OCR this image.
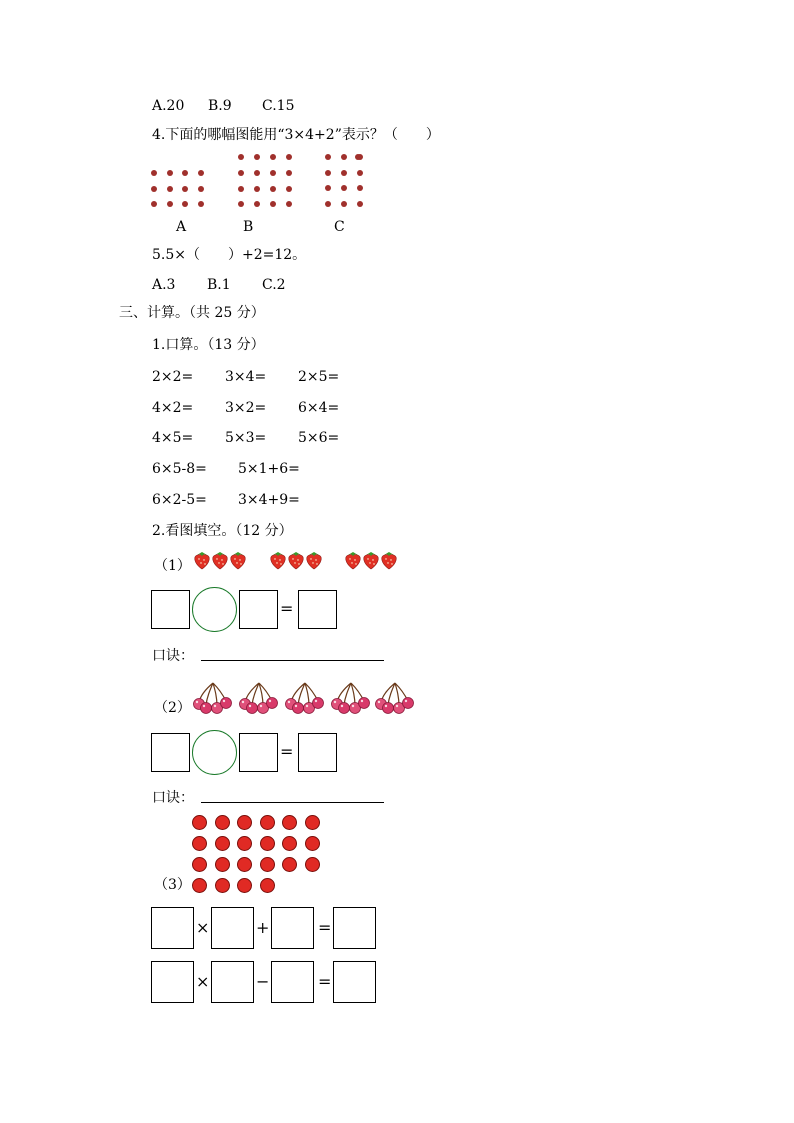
A.20 B.9 C.15
4.下面的哪幅图能用“3×4+2”表示？（　　）
A	B	C
5.5×（　　）+2=12。
A.3 B.1 C.2
三、计算。（共 25 分）
1.口算。（13 分）
2×2= 3×4= 2×5=
4×2= 3×2= 6×4=
4×5= 5×3= 5×6=
6×5-8= 5×1+6=
6×2-5= 3×4+9=
2.看图填空。（12 分）
（1）
=
口诀：
（2）
=
口诀：
（3）
×	+	=
×	−	=
